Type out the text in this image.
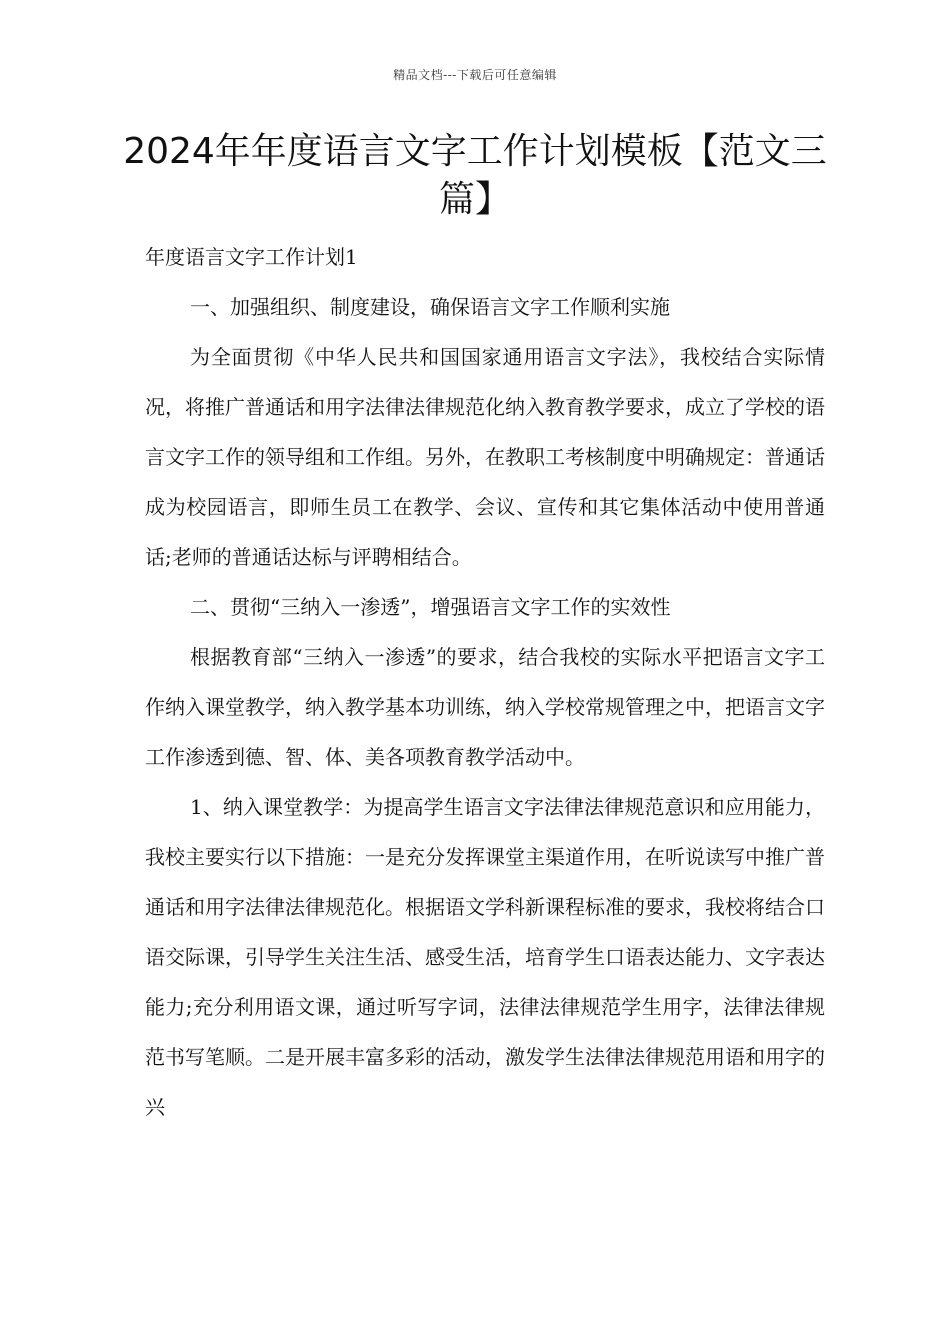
精品文档---下载后可任意编辑
2024年年度语言文字工作计划模板【范文三篇】

年度语言文字工作计划1

一、加强组织、制度建设，确保语言文字工作顺利实施

为全面贯彻《中华人民共和国国家通用语言文字法》，我校结合实际情况，将推广普通话和用字法律法律规范化纳入教育教学要求，成立了学校的语言文字工作的领导组和工作组。另外，在教职工考核制度中明确规定：普通话成为校园语言，即师生员工在教学、会议、宣传和其它集体活动中使用普通话;老师的普通话达标与评聘相结合。

二、贯彻“三纳入一渗透”，增强语言文字工作的实效性

根据教育部“三纳入一渗透”的要求，结合我校的实际水平把语言文字工作纳入课堂教学，纳入教学基本功训练，纳入学校常规管理之中，把语言文字工作渗透到德、智、体、美各项教育教学活动中。

1、纳入课堂教学：为提高学生语言文字法律法律规范意识和应用能力，我校主要实行以下措施：一是充分发挥课堂主渠道作用，在听说读写中推广普通话和用字法律法律规范化。根据语文学科新课程标准的要求，我校将结合口语交际课，引导学生关注生活、感受生活，培育学生口语表达能力、文字表达能力;充分利用语文课，通过听写字词，法律法律规范学生用字，法律法律规范书写笔顺。二是开展丰富多彩的活动，激发学生法律法律规范用语和用字的兴
